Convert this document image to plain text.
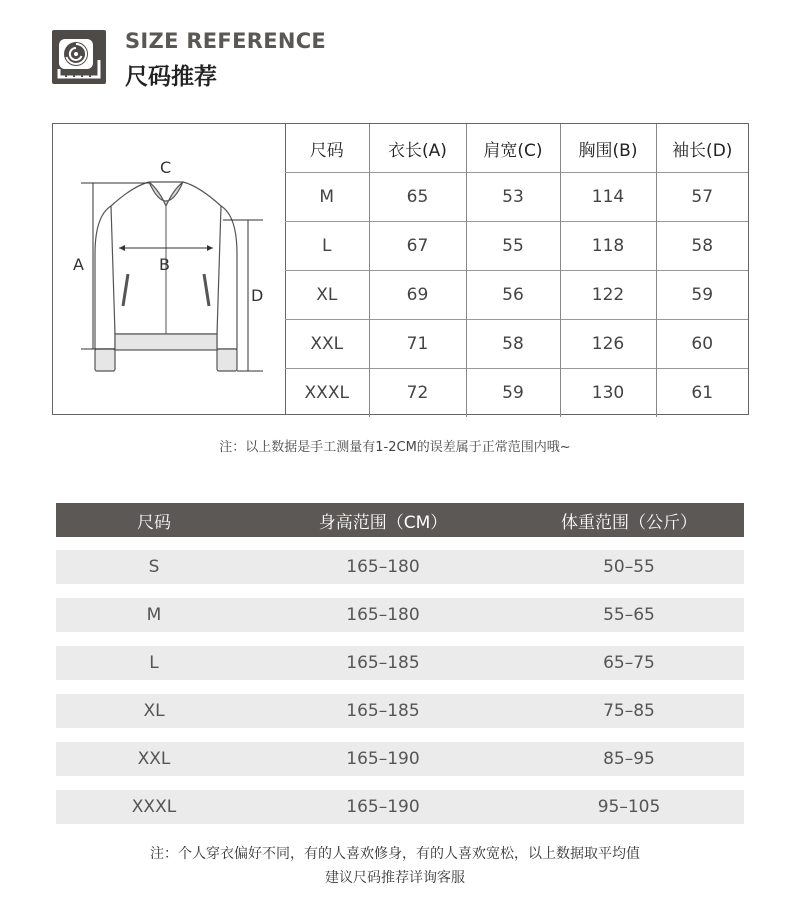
SIZE REFERENCE
尺码推荐
C
A	B
D
尺码	衣长(A)	肩宽(C)	胸围(B)	袖长(D)
M	65	53	114	57
L	67	55	118	58
XL	69	56	122	59
XXL	71	58	126	60
XXXL	72	59	130	61
注：以上数据是手工测量有1-2CM的误差属于正常范围内哦~
尺码	身高范围（CM）	体重范围（公斤）
S	165–180	50–55
M	165–180	55–65
L	165–185	65–75
XL	165–185	75–85
XXL	165–190	85–95
XXXL	165–190	95–105
注：个人穿衣偏好不同，有的人喜欢修身，有的人喜欢宽松，以上数据取平均值
建议尺码推荐详询客服
